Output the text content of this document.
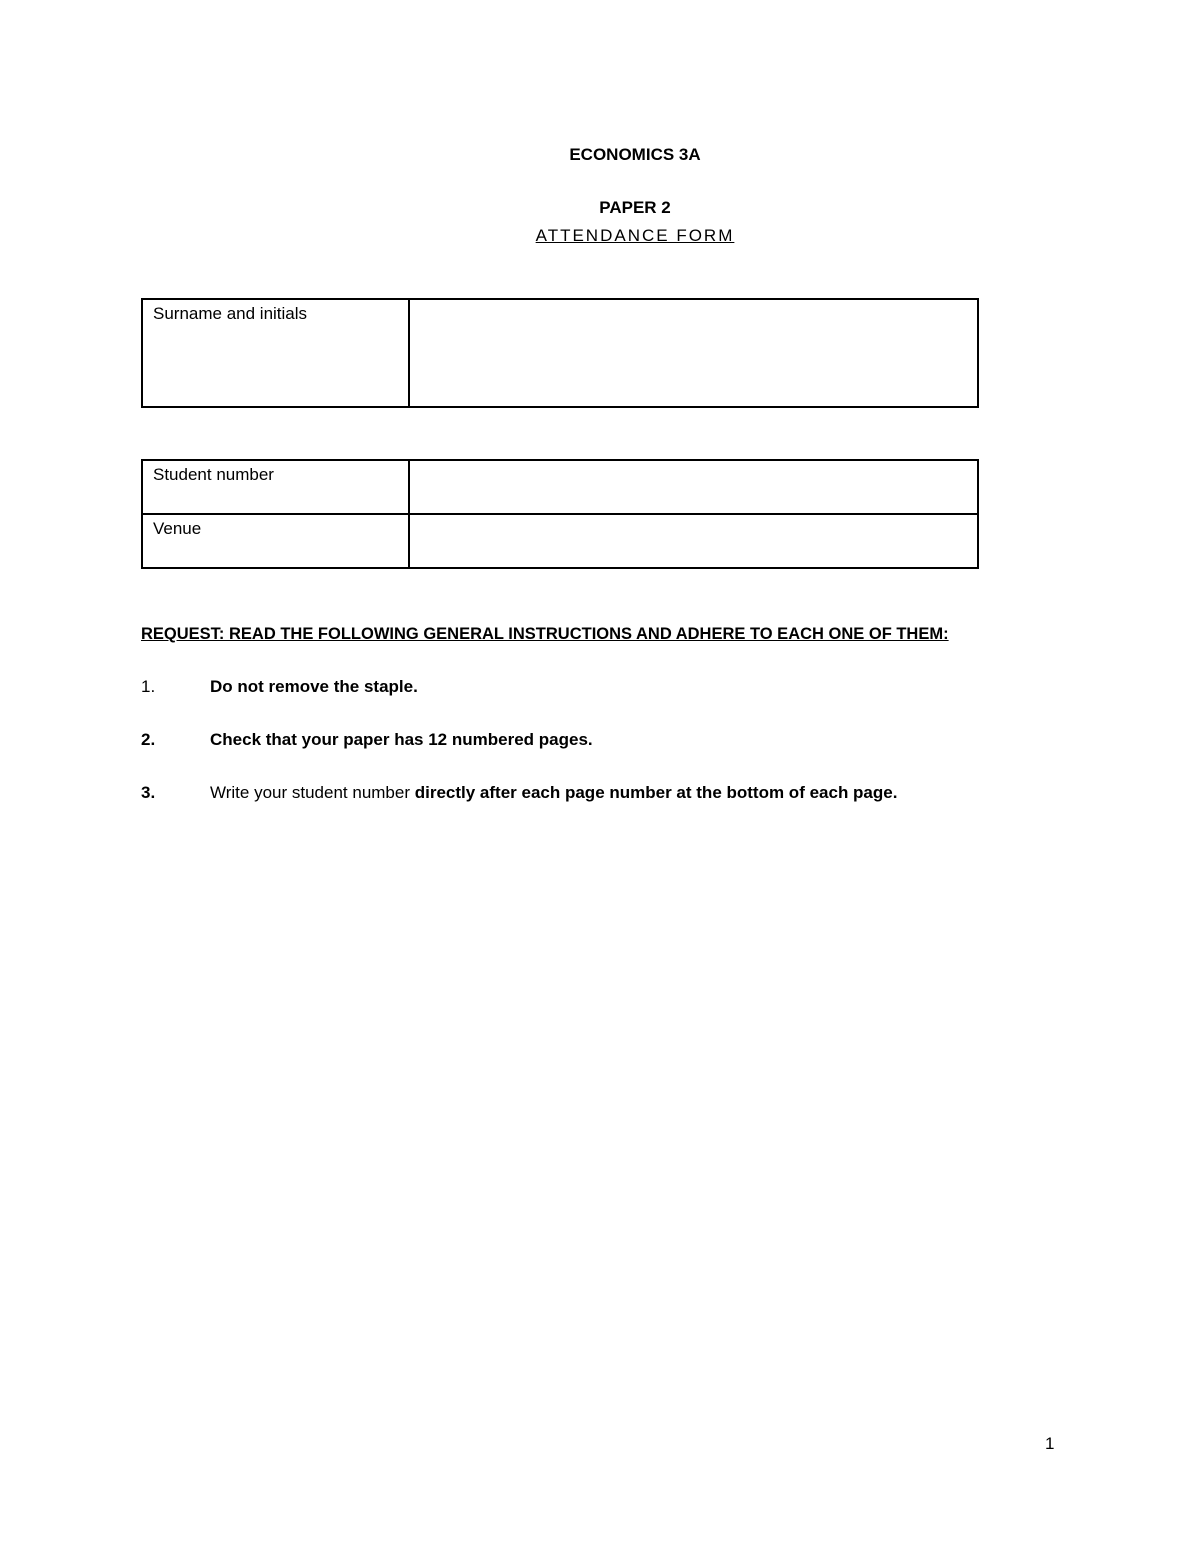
ECONOMICS 3A
PAPER 2
ATTENDANCE FORM
Surname and initials	
Student number	
Venue	
REQUEST: READ THE FOLLOWING GENERAL INSTRUCTIONS AND ADHERE TO EACH ONE OF THEM:
1.	Do not remove the staple.
2.	Check that your paper has 12 numbered pages.
3.	Write your student number directly after each page number at the bottom of each page.
1
